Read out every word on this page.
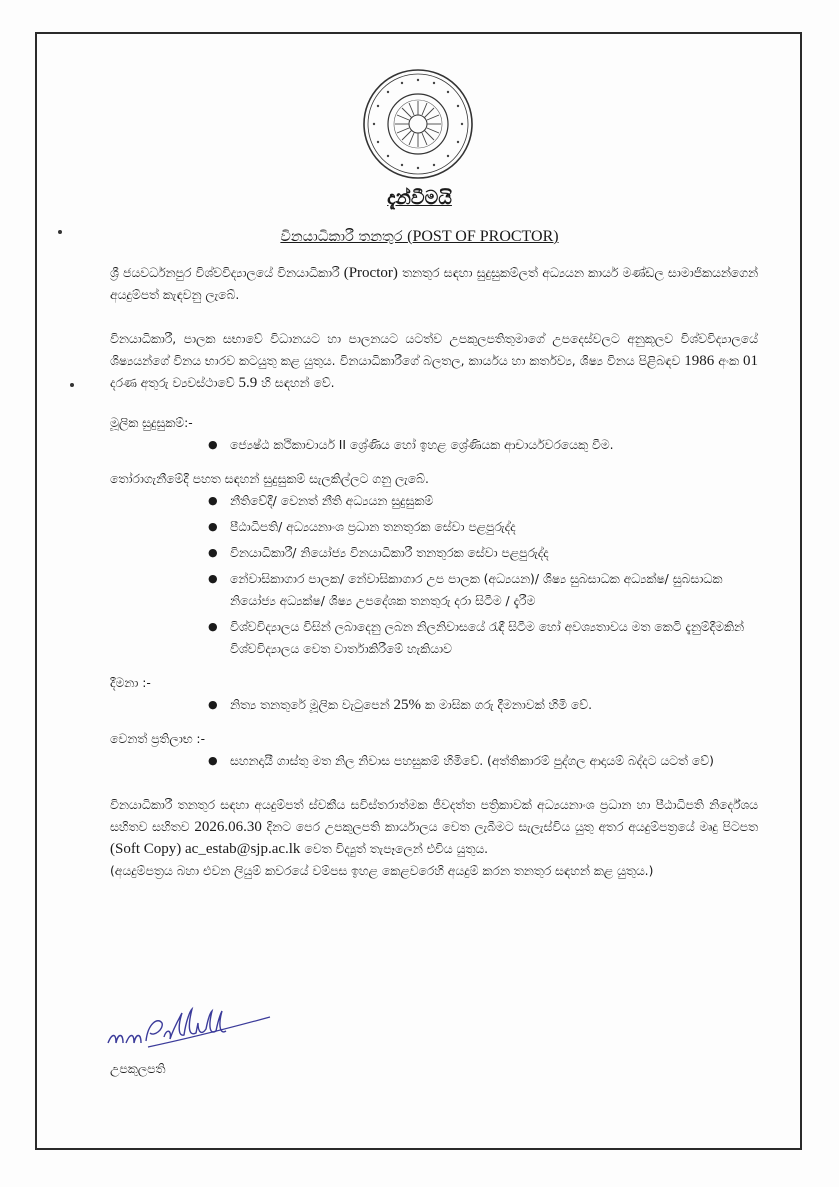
දැන්වීමයි
විනයාධිකාරී තනතුර (POST OF PROCTOR)

ශ්‍රී ජයවර්ධනපුර විශ්වවිද්‍යාලයේ විනයාධිකාරී (Proctor) තනතුර සඳහා සුදුසුකම්ලත් අධ්‍යයන කාර්ය මණ්ඩල සාමාජිකයන්ගෙන් අයදුම්පත් කැඳවනු ලැබේ.

විනයාධිකාරී, පාලක සභාවේ විධානයට හා පාලනයට යටත්ව උපකුලපතිතුමාගේ උපදෙස්වලට අනුකූලව විශ්වවිද්‍යාලයේ ශිෂ්‍යයන්ගේ විනය භාරව කටයුතු කළ යුතුය. විනයාධිකාරීගේ බලතල, කාර්යය හා කර්තව්‍ය, ශිෂ්‍ය විනය පිළිබඳව 1986 අංක 01 දරණ අතුරු ව්‍යවස්ථාවේ 5.9 හි සඳහන් වේ.

මූලික සුදුසුකම්:-

● ජ්‍යෙෂ්ඨ කථිකාචාර්ය II ශ්‍රේණිය හෝ ඉහළ ශ්‍රේණියක ආචාර්යවරයෙකු වීම.

තෝරාගැනීමේදී පහත සඳහන් සුදුසුකම් සැලකිල්ලට ගනු ලැබේ.

● නීතිවේදී/ වෙනත් නීති අධ්‍යයන සුදුසුකම්
● පීඨාධිපති/ අධ්‍යයනාංශ ප්‍රධාන තනතුරක සේවා පළපුරුද්ද
● විනයාධිකාරී/ නියෝජ්‍ය විනයාධිකාරී තනතුරක සේවා පළපුරුද්ද
● නේවාසිකාගාර පාලක/ නේවාසිකාගාර උප පාලක (අධ්‍යයන)/ ශිෂ්‍ය සුබසාධක අධ්‍යක්ෂ/ සුබසාධක නියෝජ්‍ය අධ්‍යක්ෂ/ ශිෂ්‍ය උපදේශක තනතුරු දරා සිටීම / දැරීම
● විශ්වවිද්‍යාලය විසින් ලබාදෙනු ලබන නිලනිවාසයේ රැඳී සිටීම හෝ අවශ්‍යතාවය මත කෙටි දැනුම්දීමකින් විශ්වවිද්‍යාලය වෙත වාර්තාකිරීමේ හැකියාව

දීමනා :-

● නිත්‍ය තනතුරේ මූලික වැටුපෙන් 25% ක මාසික ගරු දීමනාවක් හිමි වේ.

වෙනත් ප්‍රතිලාභ :-

● සහනදායී ගාස්තු මත නිල නිවාස පහසුකම් හිමිවේ. (අත්තිකාරම් පුද්ගල ආදායම් බද්දට යටත් වේ)

විනයාධිකාරී තනතුර සඳහා අයදුම්පත් ස්වකීය සවිස්තරාත්මක ජීවදත්ත පත්‍රිකාවක් අධ්‍යයනාංශ ප්‍රධාන හා පීඨාධිපති නිර්දේශය සහිතව සහිතව 2026.06.30 දිනට පෙර උපකුලපති කාර්යාලය වෙත ලැබීමට සැලැස්විය යුතු අතර අයදුම්පත්‍රයේ මෘදු පිටපත (Soft Copy) ac_estab@sjp.ac.lk වෙත විද්‍යුත් තැපෑලෙන් එවිය යුතුය.

(අයදුම්පත්‍රය බහා එවන ලියුම් කවරයේ වම්පස ඉහළ කෙළවරෙහි අයදුම් කරන තනතුර සඳහන් කළ යුතුය.)

උපකුලපති
